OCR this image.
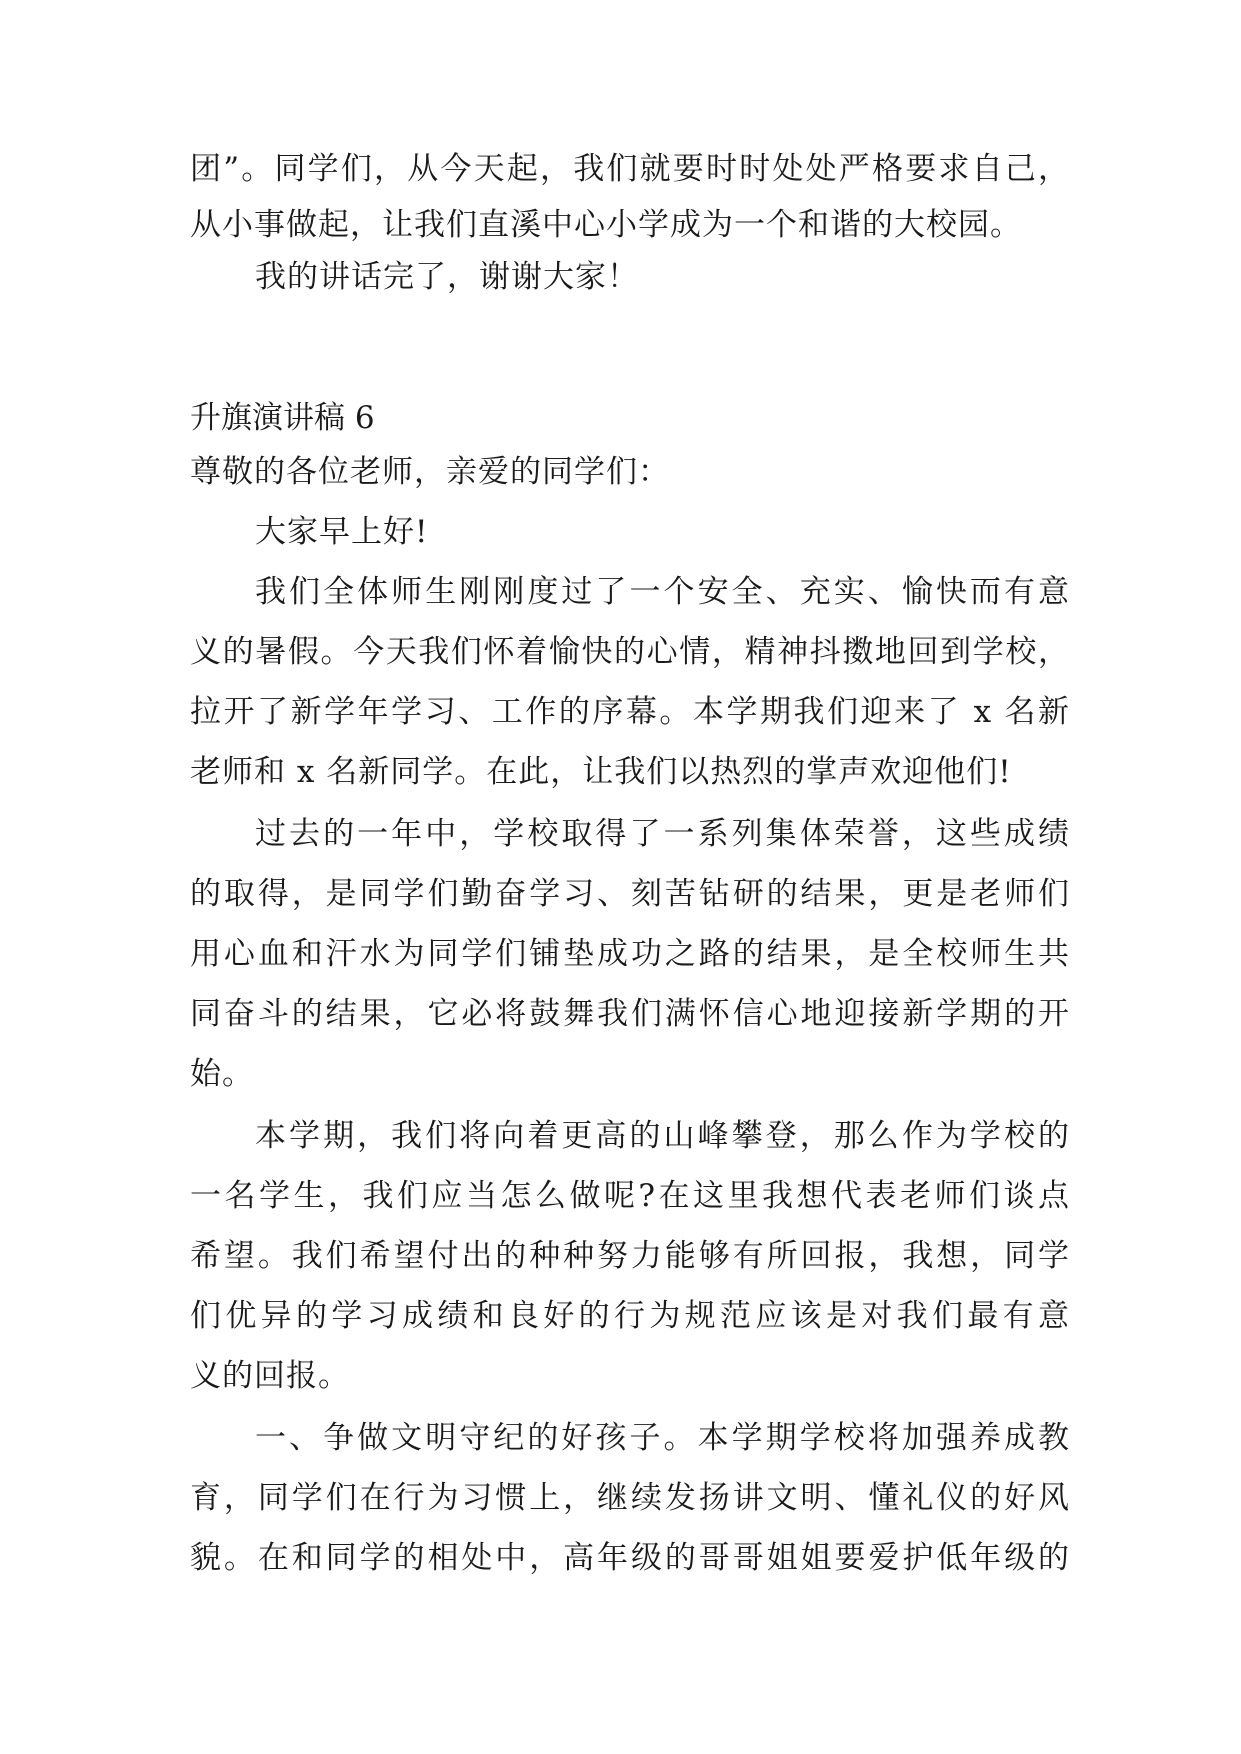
团”。同学们，从今天起，我们就要时时处处严格要求自己，
从小事做起，让我们直溪中心小学成为一个和谐的大校园。
我的讲话完了，谢谢大家！
升旗演讲稿 6
尊敬的各位老师，亲爱的同学们：
大家早上好!
我们全体师生刚刚度过了一个安全、充实、愉快而有意
义的暑假。今天我们怀着愉快的心情，精神抖擞地回到学校，
拉开了新学年学习、工作的序幕。本学期我们迎来了 x 名新
老师和 x 名新同学。在此，让我们以热烈的掌声欢迎他们!
过去的一年中，学校取得了一系列集体荣誉，这些成绩
的取得，是同学们勤奋学习、刻苦钻研的结果，更是老师们
用心血和汗水为同学们铺垫成功之路的结果，是全校师生共
同奋斗的结果，它必将鼓舞我们满怀信心地迎接新学期的开
始。
本学期，我们将向着更高的山峰攀登，那么作为学校的
一名学生，我们应当怎么做呢?在这里我想代表老师们谈点
希望。我们希望付出的种种努力能够有所回报，我想，同学
们优异的学习成绩和良好的行为规范应该是对我们最有意
义的回报。
一、争做文明守纪的好孩子。本学期学校将加强养成教
育，同学们在行为习惯上，继续发扬讲文明、懂礼仪的好风
貌。在和同学的相处中，高年级的哥哥姐姐要爱护低年级的
